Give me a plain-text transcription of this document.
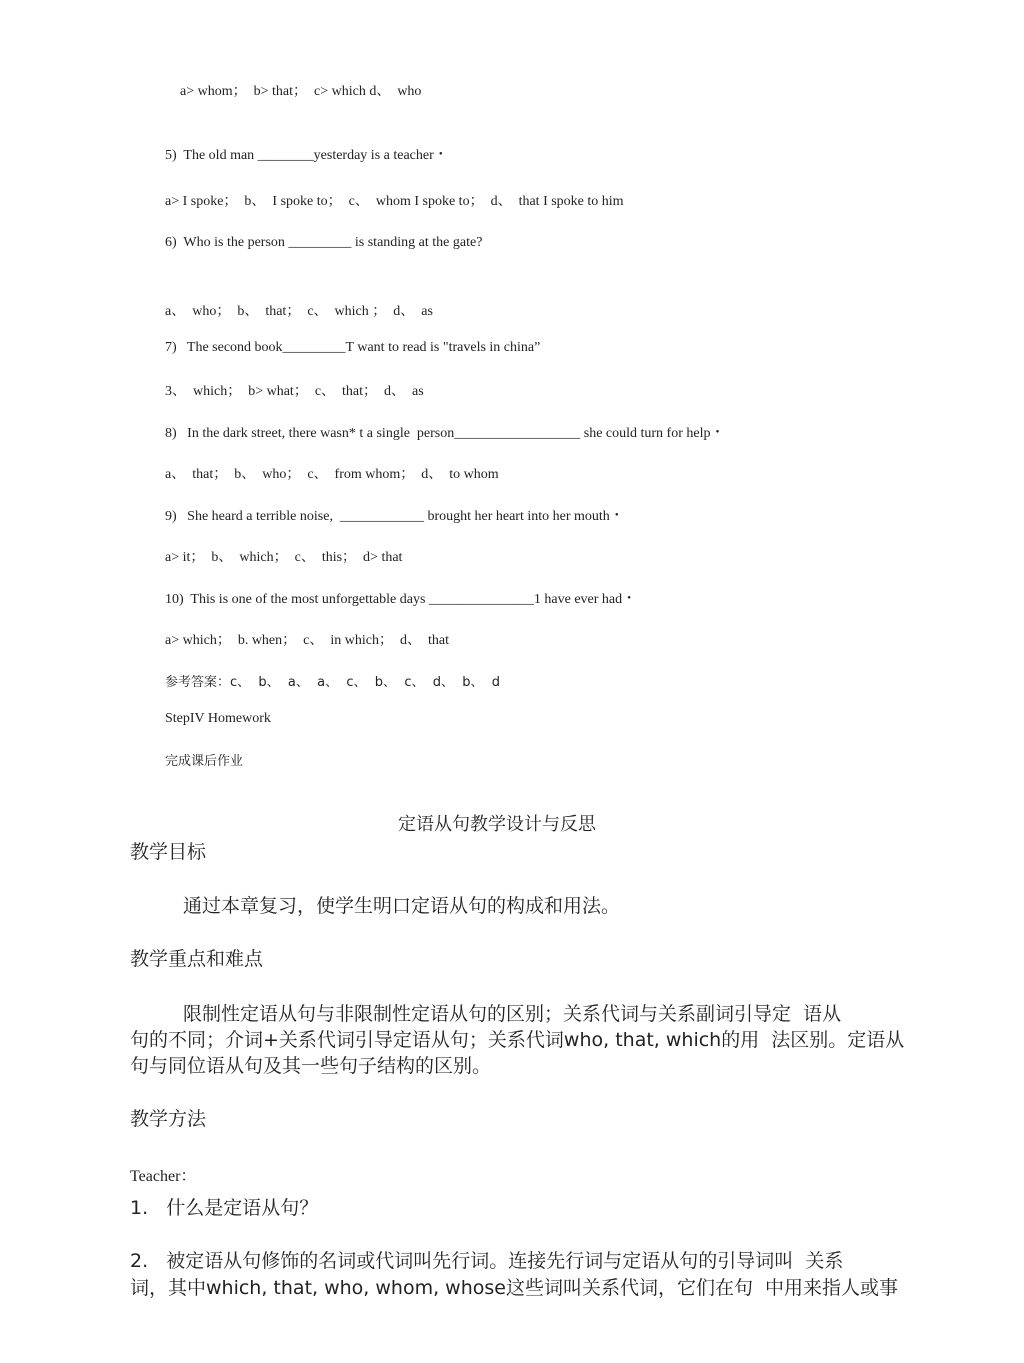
a> whom；  b> that；  c> which d、  who
5)  The old man ________yesterday is a teacher・
a> I spoke；  b、  I spoke to；  c、  whom I spoke to；  d、  that I spoke to him
6)  Who is the person _________ is standing at the gate?
a、  who；  b、  that；  c、  which ；  d、  as
7)   The second book_________T want to read is "travels in china”
3、  which；  b> what；  c、  that；  d、  as
8)   In the dark street, there wasn* t a single  person__________________ she could turn for help・
a、  that；  b、  who；  c、  from whom；  d、  to whom
9)   She heard a terrible noise,  ____________ brought her heart into her mouth・
a> it；  b、  which；  c、  this；  d> that
10)  This is one of the most unforgettable days _______________1 have ever had・
a> which；  b. when；  c、  in which；  d、  that
参考答案：c、  b、  a、  a、  c、  b、  c、  d、  b、  d
StepIV Homework
完成课后作业
定语从句教学设计与反思
教学目标
通过本章复习，使学生明口定语从句的构成和用法。
教学重点和难点
限制性定语从句与非限制性定语从句的区别；关系代词与关系副词引导定  语从
句的不同；介词+关系代词引导定语从句；关系代词who, that, which的用  法区别。定语从
句与同位语从句及其一些句子结构的区别。
教学方法
Teacher：
1.   什么是定语从句？
2.   被定语从句修饰的名词或代词叫先行词。连接先行词与定语从句的引导词叫  关系
词，其中which, that, who, whom, whose这些词叫关系代词，它们在句  中用来指人或事
